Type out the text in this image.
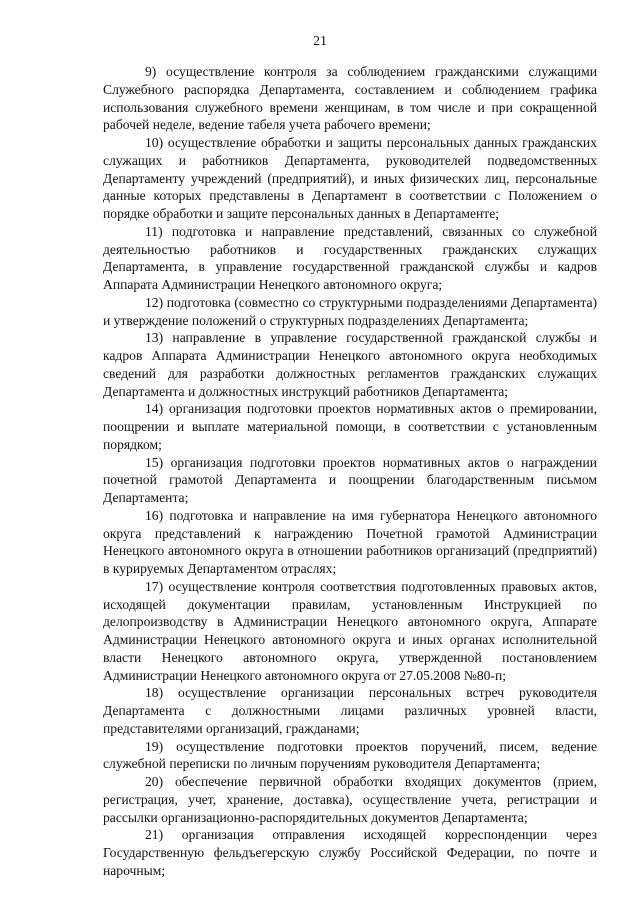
21

9) осуществление контроля за соблюдением гражданскими служащими Служебного распорядка Департамента, составлением и соблюдением графика использования служебного времени женщинам, в том числе и при сокращенной рабочей неделе, ведение табеля учета рабочего времени;

10) осуществление обработки и защиты персональных данных гражданских служащих и работников Департамента, руководителей подведомственных Департаменту учреждений (предприятий), и иных физических лиц, персональные данные которых представлены в Департамент в соответствии с Положением о порядке обработки и защите персональных данных в Департаменте;

11) подготовка и направление представлений, связанных со служебной деятельностью работников и государственных гражданских служащих Департамента, в управление государственной гражданской службы и кадров Аппарата Администрации Ненецкого автономного округа;

12) подготовка (совместно со структурными подразделениями Департамента) и утверждение положений о структурных подразделениях Департамента;

13) направление в управление государственной гражданской службы и кадров Аппарата Администрации Ненецкого автономного округа необходимых сведений для разработки должностных регламентов гражданских служащих Департамента и должностных инструкций работников Департамента;

14) организация подготовки проектов нормативных актов о премировании, поощрении и выплате материальной помощи, в соответствии с установленным порядком;

15) организация подготовки проектов нормативных актов о награждении почетной грамотой Департамента и поощрении благодарственным письмом Департамента;

16) подготовка и направление на имя губернатора Ненецкого автономного округа представлений к награждению Почетной грамотой Администрации Ненецкого автономного округа в отношении работников организаций (предприятий) в курируемых Департаментом отраслях;

17) осуществление контроля соответствия подготовленных правовых актов, исходящей документации правилам, установленным Инструкцией по делопроизводству в Администрации Ненецкого автономного округа, Аппарате Администрации Ненецкого автономного округа и иных органах исполнительной власти Ненецкого автономного округа, утвержденной постановлением Администрации Ненецкого автономного округа от 27.05.2008 №80-п;

18) осуществление организации персональных встреч руководителя Департамента с должностными лицами различных уровней власти, представителями организаций, гражданами;

19) осуществление подготовки проектов поручений, писем, ведение служебной переписки по личным поручениям руководителя Департамента;

20) обеспечение первичной обработки входящих документов (прием, регистрация, учет, хранение, доставка), осуществление учета, регистрации и рассылки организационно-распорядительных документов Департамента;

21) организация отправления исходящей корреспонденции через Государственную фельдъегерскую службу Российской Федерации, по почте и нарочным;
